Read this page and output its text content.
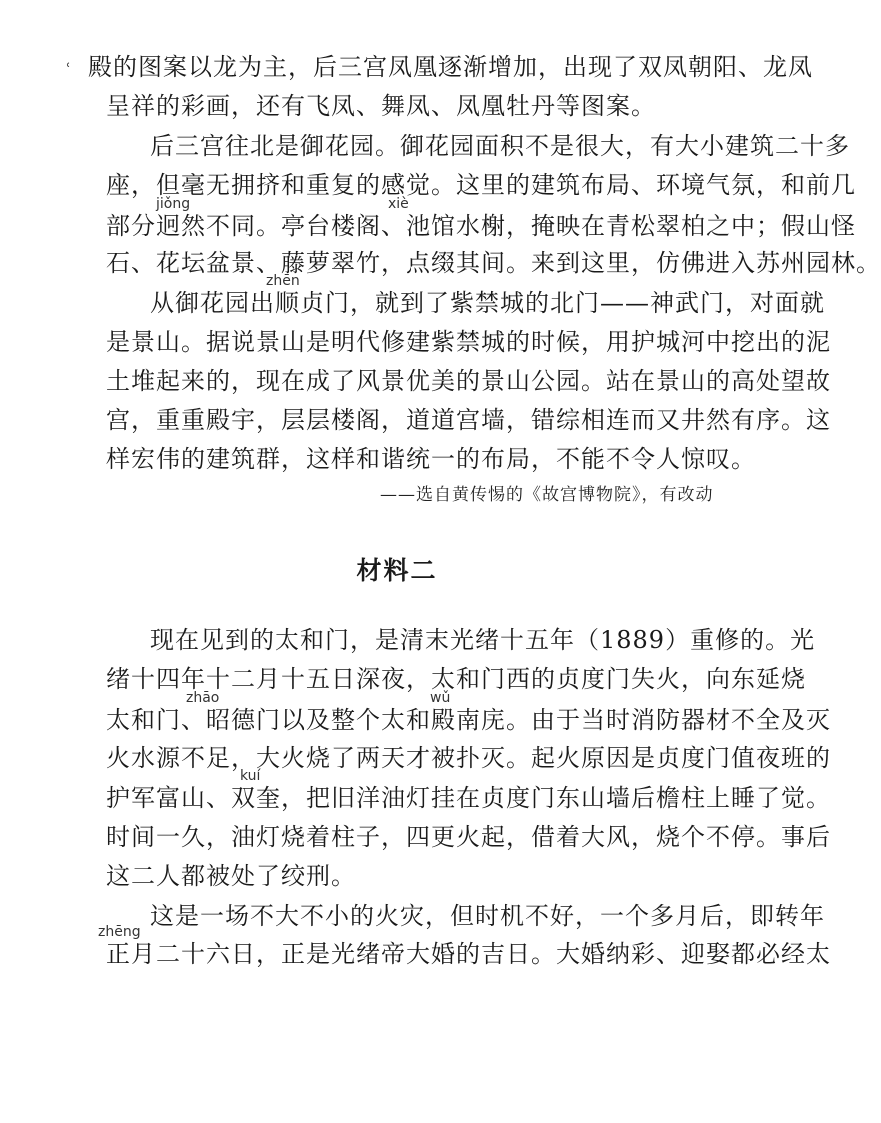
ʿ 殿的图案以龙为主，后三宫凤凰逐渐增加，出现了双凤朝阳、龙凤
呈祥的彩画，还有飞凤、舞凤、凤凰牡丹等图案。
后三宫往北是御花园。御花园面积不是很大，有大小建筑二十多
座，但毫无拥挤和重复的感觉。这里的建筑布局、环境气氛，和前几
jiǒng	xiè
部分迥然不同。亭台楼阁、池馆水榭，掩映在青松翠柏之中；假山怪
石、花坛盆景、藤萝翠竹，点缀其间。来到这里，仿佛进入苏州园林。
zhēn
从御花园出顺贞门，就到了紫禁城的北门——神武门，对面就
是景山。据说景山是明代修建紫禁城的时候，用护城河中挖出的泥
土堆起来的，现在成了风景优美的景山公园。站在景山的高处望故
宫，重重殿宇，层层楼阁，道道宫墙，错综相连而又井然有序。这
样宏伟的建筑群，这样和谐统一的布局，不能不令人惊叹。
——选自黄传惕的《故宫博物院》，有改动
材料二
现在见到的太和门，是清末光绪十五年（1889）重修的。光
绪十四年十二月十五日深夜，太和门西的贞度门失火，向东延烧
zhāo	wǔ
太和门、昭德门以及整个太和殿南庑。由于当时消防器材不全及灭
火水源不足，大火烧了两天才被扑灭。起火原因是贞度门值夜班的
kuí
护军富山、双奎，把旧洋油灯挂在贞度门东山墙后檐柱上睡了觉。
时间一久，油灯烧着柱子，四更火起，借着大风，烧个不停。事后
这二人都被处了绞刑。
这是一场不大不小的火灾，但时机不好，一个多月后，即转年
zhēng
正月二十六日，正是光绪帝大婚的吉日。大婚纳彩、迎娶都必经太
